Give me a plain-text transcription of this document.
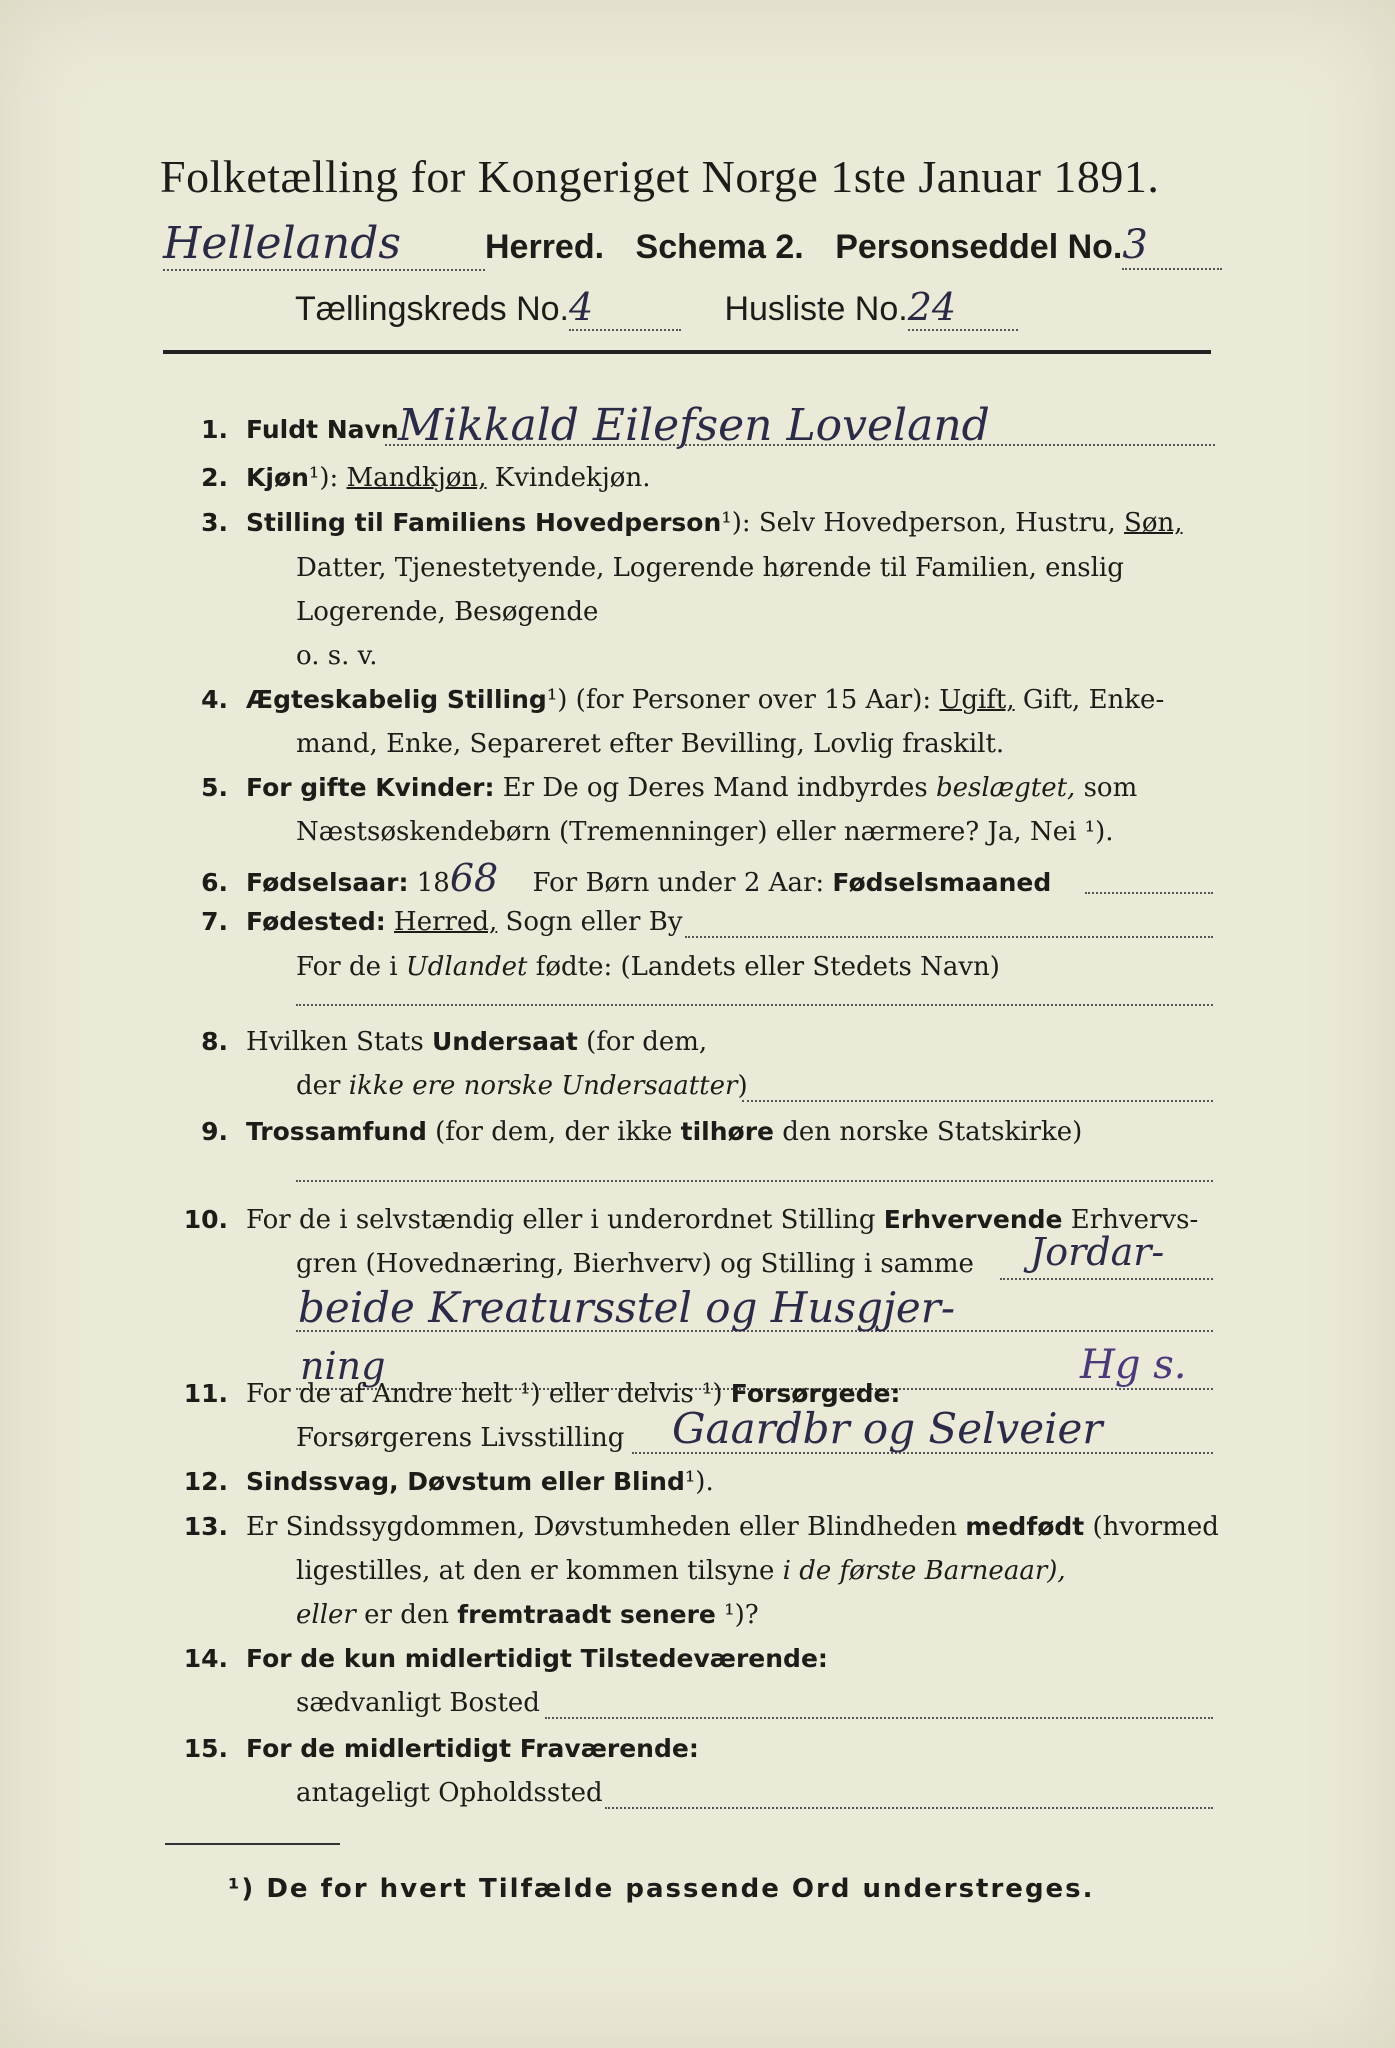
Folketælling for Kongeriget Norge 1ste Januar 1891.
Hellelands Herred. Schema 2. Personseddel No.3
Tællingskreds No.4	Husliste No.24
1. Fuldt Navn Mikkald Eilefsen Loveland
2. Kjøn¹): Mandkjøn, Kvindekjøn.
3. Stilling til Familiens Hovedperson¹): Selv Hovedperson, Hustru, Søn,
Datter, Tjenestetyende, Logerende hørende til Familien, enslig
Logerende, Besøgende
o. s. v.
4. Ægteskabelig Stilling¹) (for Personer over 15 Aar): Ugift, Gift, Enke-
mand, Enke, Separeret efter Bevilling, Lovlig fraskilt.
5. For gifte Kvinder: Er De og Deres Mand indbyrdes beslægtet, som
Næstsøskendebørn (Tremenninger) eller nærmere? Ja, Nei ¹).
6. Fødselsaar: 1868 For Børn under 2 Aar: Fødselsmaaned
7. Fødested: Herred, Sogn eller By
For de i Udlandet fødte: (Landets eller Stedets Navn)
8. Hvilken Stats Undersaat (for dem,
der ikke ere norske Undersaatter)
9. Trossamfund (for dem, der ikke tilhøre den norske Statskirke)
10. For de i selvstændig eller i underordnet Stilling Erhvervende Erhvervs-
gren (Hovednæring, Bierhverv) og Stilling i samme Jordar-
beide Kreatursstel og Husgjer-
ning	Hg s.
11. For de af Andre helt ¹) eller delvis ¹) Forsørgede:
Forsørgerens Livsstilling Gaardbr og Selveier
12. Sindssvag, Døvstum eller Blind¹).
13. Er Sindssygdommen, Døvstumheden eller Blindheden medfødt (hvormed
ligestilles, at den er kommen tilsyne i de første Barneaar),
eller er den fremtraadt senere ¹)?
14. For de kun midlertidigt Tilstedeværende:
sædvanligt Bosted
15. For de midlertidigt Fraværende:
antageligt Opholdssted
¹) De for hvert Tilfælde passende Ord understreges.
